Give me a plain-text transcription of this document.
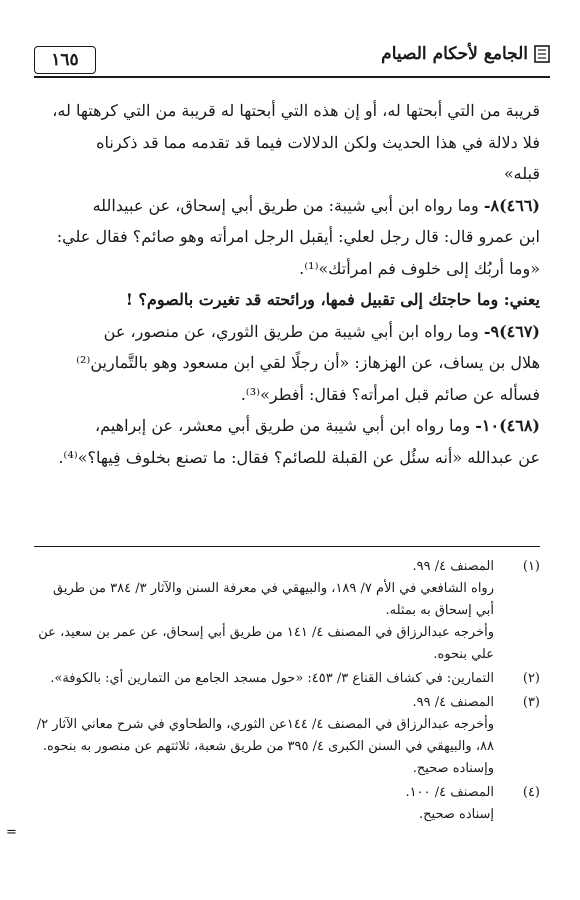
١٦٥	الجامع لأحكام الصيام

قريبة من التي أبحتها له، أو إن هذه التي أبحتها له قريبة من التي كرهتها له،
فلا دلالة في هذا الحديث ولكن الدلالات فيما قد تقدمه مما قد ذكرناه
قبله»

(٤٦٦)٨- وما رواه ابن أبي شيبة: من طريق أبي إسحاق، عن عبيدالله
ابن عمرو قال: قال رجل لعلي: أيقبل الرجل امرأته وهو صائم؟ فقال علي:
«وما أربُك إلى خلوف فم امرأتك»⁽¹⁾.

يعني: وما حاجتك إلى تقبيل فمها، ورائحته قد تغيرت بالصوم؟ !

(٤٦٧)٩- وما رواه ابن أبي شيبة من طريق الثوري، عن منصور، عن
هلال بن يساف، عن الهزهاز: «أن رجلًا لقي ابن مسعود وهو بالتَّمارين⁽²⁾
فسأله عن صائم قبل امرأته؟ فقال: أفطر»⁽³⁾.

(٤٦٨)١٠- وما رواه ابن أبي شيبة من طريق أبي معشر، عن إبراهيم،
عن عبدالله «أنه سئُل عن القبلة للصائم؟ فقال: ما تصنع بخلوف فِيها؟»⁽⁴⁾.

(١)
المصنف ٤/ ٩٩.
رواه الشافعي في الأم ٧/ ١٨٩، والبيهقي في معرفة السنن والآثار ٣/ ٣٨٤ من طريق أبي إسحاق به بمثله.
وأخرجه عبدالرزاق في المصنف ٤/ ١٤١ من طريق أبي إسحاق، عن عمر بن سعيد، عن علي بنحوه.
(٢)
التمارين: في كشاف القناع ٣/ ٤٥٣: «حول مسجد الجامع من التمارين أي: بالكوفة».
(٣)
المصنف ٤/ ٩٩.
وأخرجه عبدالرزاق في المصنف ٤/ ١٤٤عن الثوري، والطحاوي في شرح معاني الآثار ٢/ ٨٨، والبيهقي في السنن الكبرى ٤/ ٣٩٥ من طريق شعبة، ثلاثتهم عن منصور به بنحوه. وإسناده صحيح.
(٤)
المصنف ٤/ ١٠٠.
إسناده صحيح.
=
